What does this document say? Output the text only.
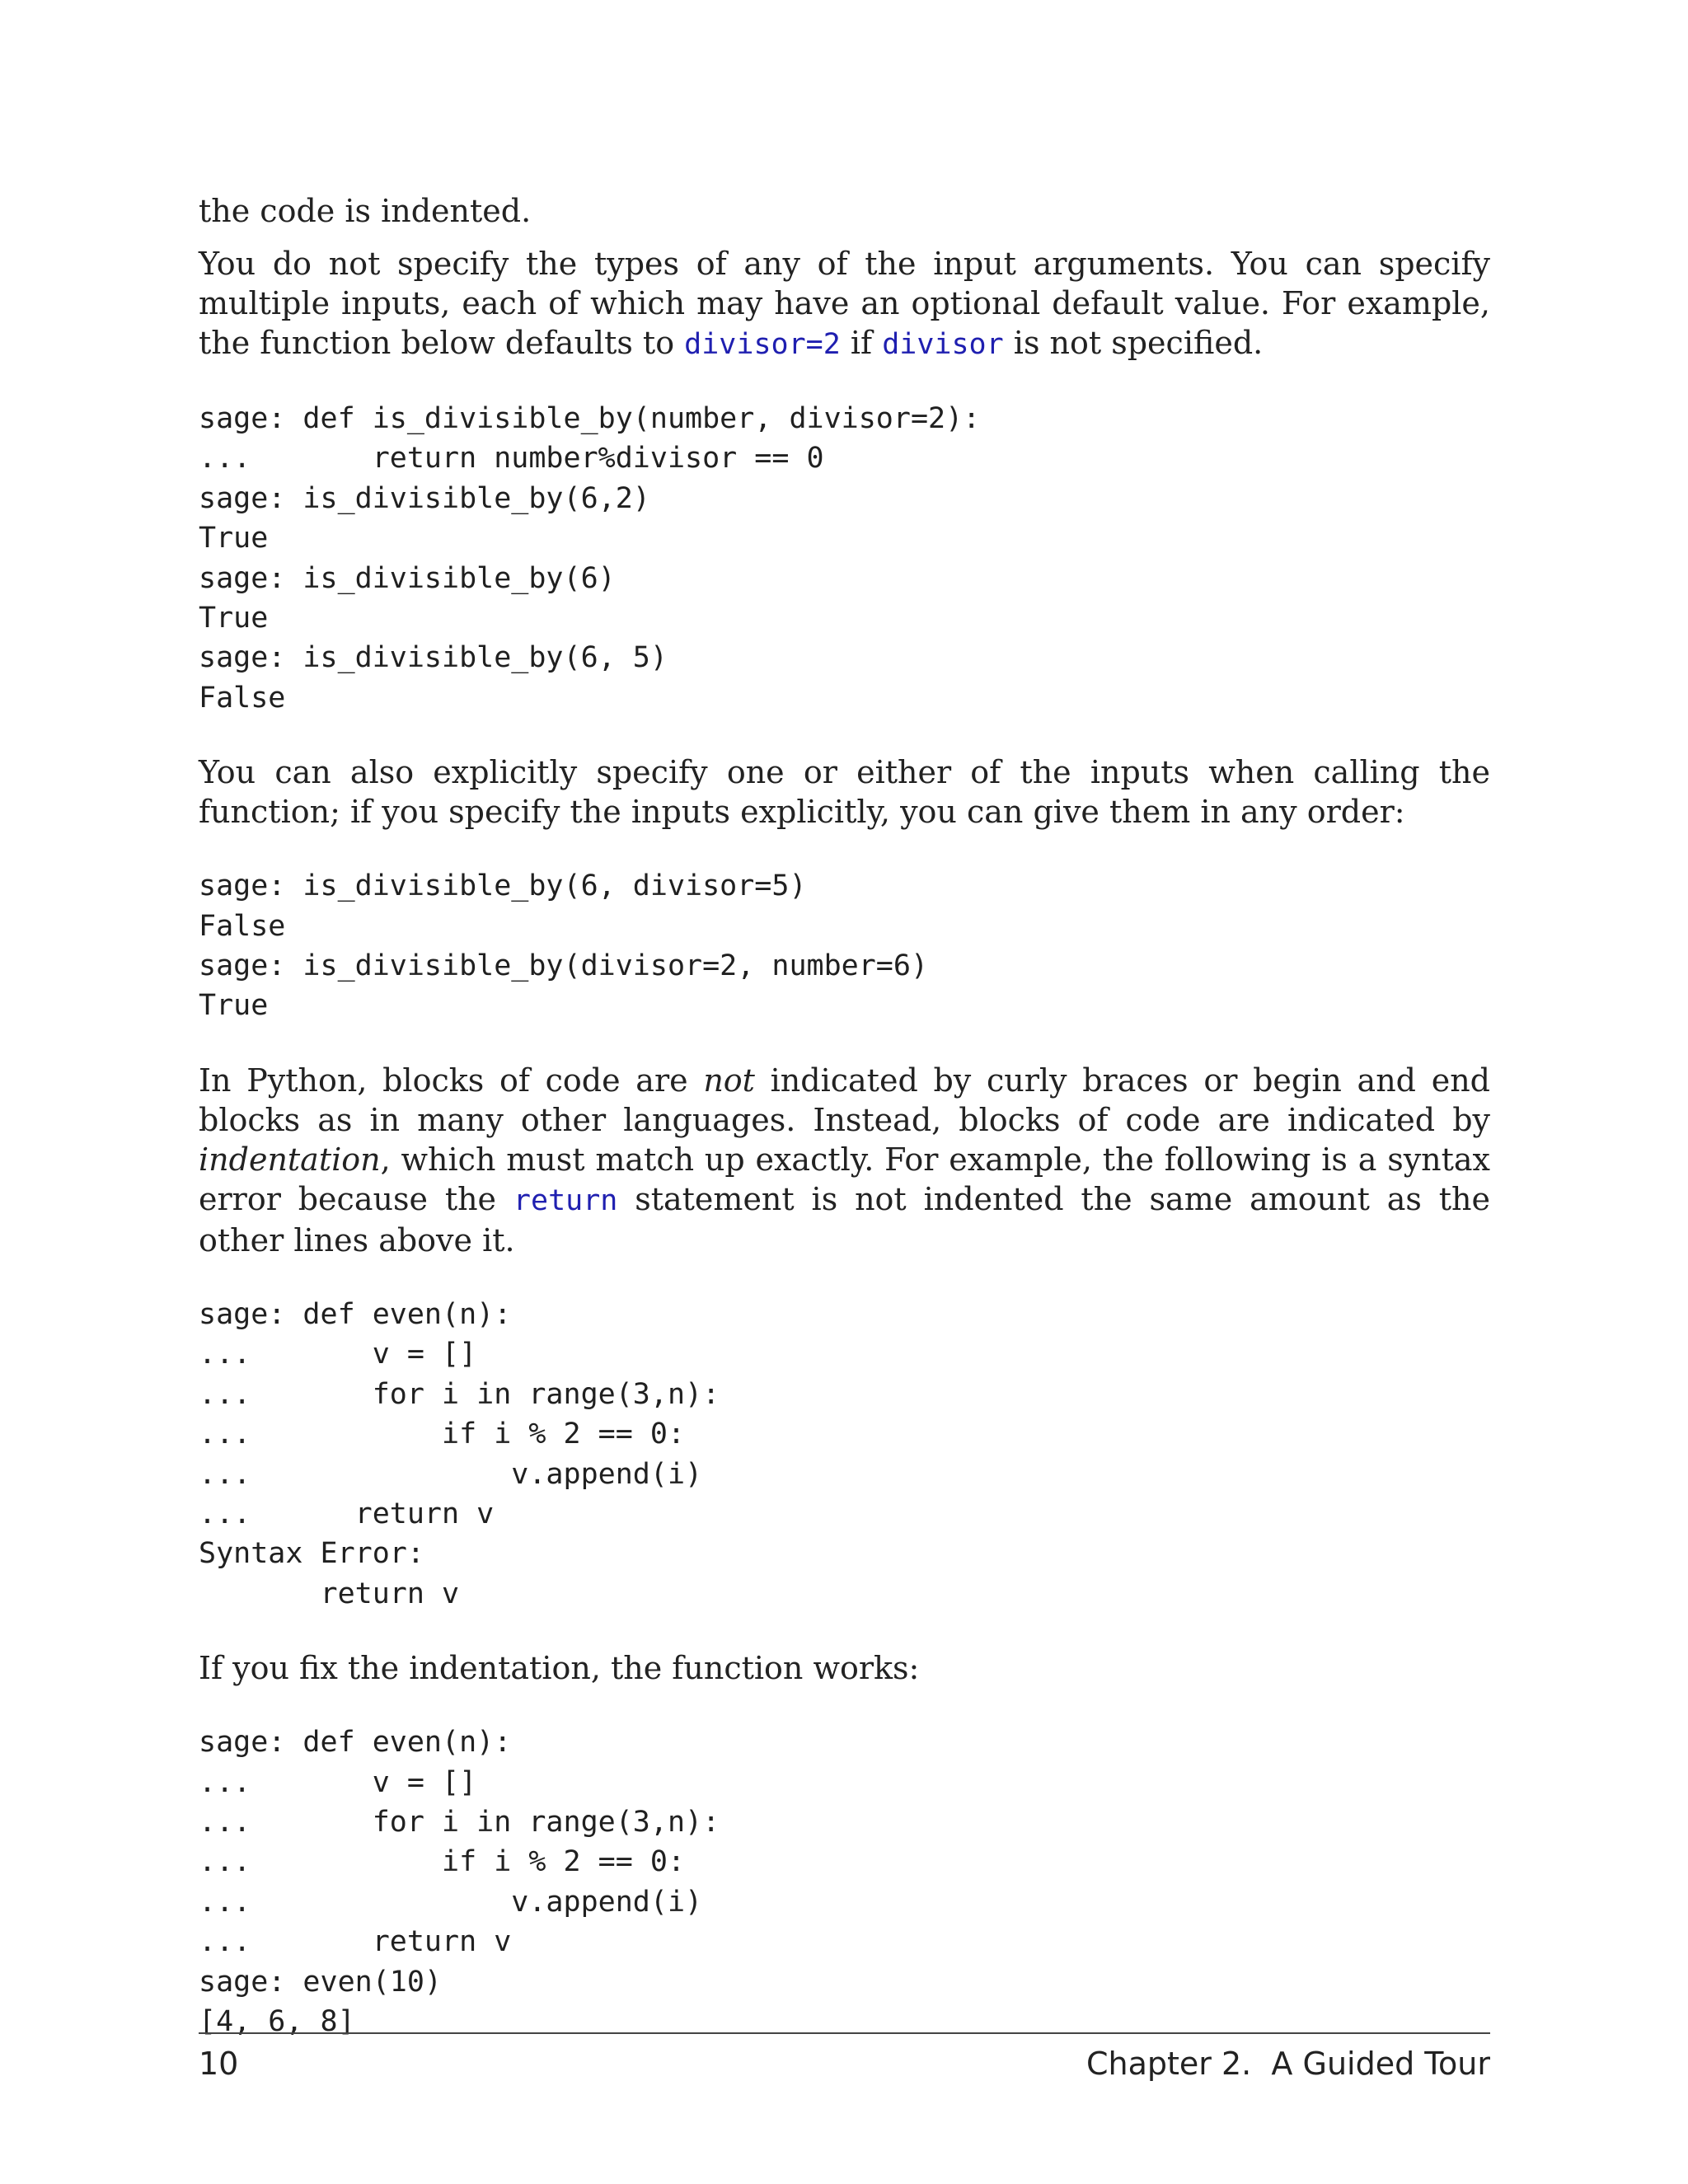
the code is indented.

You do not specify the types of any of the input arguments. You can specify multiple inputs, each of which may have an optional default value. For example, the function below defaults to divisor=2 if divisor is not specified.

sage: def is_divisible_by(number, divisor=2):
...       return number%divisor == 0
sage: is_divisible_by(6,2)
True
sage: is_divisible_by(6)
True
sage: is_divisible_by(6, 5)
False

You can also explicitly specify one or either of the inputs when calling the function; if you specify the inputs explicitly, you can give them in any order:

sage: is_divisible_by(6, divisor=5)
False
sage: is_divisible_by(divisor=2, number=6)
True

In Python, blocks of code are not indicated by curly braces or begin and end blocks as in many other languages. Instead, blocks of code are indicated by indentation, which must match up exactly. For example, the following is a syntax error because the return statement is not indented the same amount as the other lines above it.

sage: def even(n):
...       v = []
...       for i in range(3,n):
...           if i % 2 == 0:
...               v.append(i)
...      return v
Syntax Error:
return v

If you fix the indentation, the function works:

sage: def even(n):
...       v = []
...       for i in range(3,n):
...           if i % 2 == 0:
...               v.append(i)
...       return v
sage: even(10)
[4, 6, 8]
10	Chapter 2.  A Guided Tour
